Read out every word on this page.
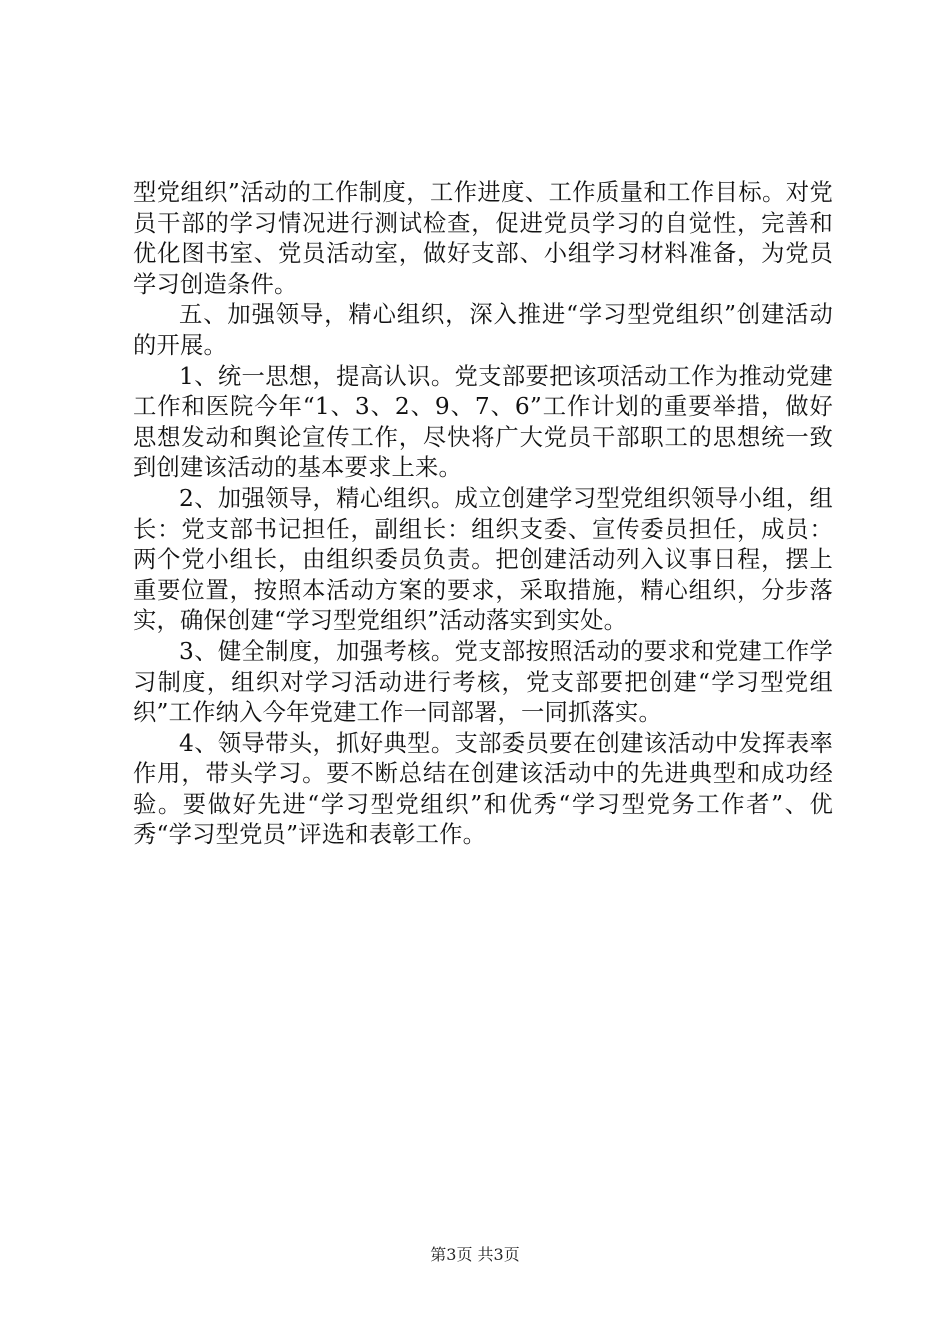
型党组织”活动的工作制度，工作进度、工作质量和工作目标。对党员干部的学习情况进行测试检查，促进党员学习的自觉性，完善和优化图书室、党员活动室，做好支部、小组学习材料准备，为党员学习创造条件。

五、加强领导，精心组织，深入推进“学习型党组织”创建活动的开展。

1、统一思想，提高认识。党支部要把该项活动工作为推动党建工作和医院今年“1、3、2、9、7、6”工作计划的重要举措，做好思想发动和舆论宣传工作，尽快将广大党员干部职工的思想统一致到创建该活动的基本要求上来。

2、加强领导，精心组织。成立创建学习型党组织领导小组，组长：党支部书记担任，副组长：组织支委、宣传委员担任，成员：两个党小组长，由组织委员负责。把创建活动列入议事日程，摆上重要位置，按照本活动方案的要求，采取措施，精心组织，分步落实，确保创建“学习型党组织”活动落实到实处。

3、健全制度，加强考核。党支部按照活动的要求和党建工作学习制度，组织对学习活动进行考核，党支部要把创建“学习型党组织”工作纳入今年党建工作一同部署，一同抓落实。

4、领导带头，抓好典型。支部委员要在创建该活动中发挥表率作用，带头学习。要不断总结在创建该活动中的先进典型和成功经验。要做好先进“学习型党组织”和优秀“学习型党务工作者”、优秀“学习型党员”评选和表彰工作。

第3页 共3页
